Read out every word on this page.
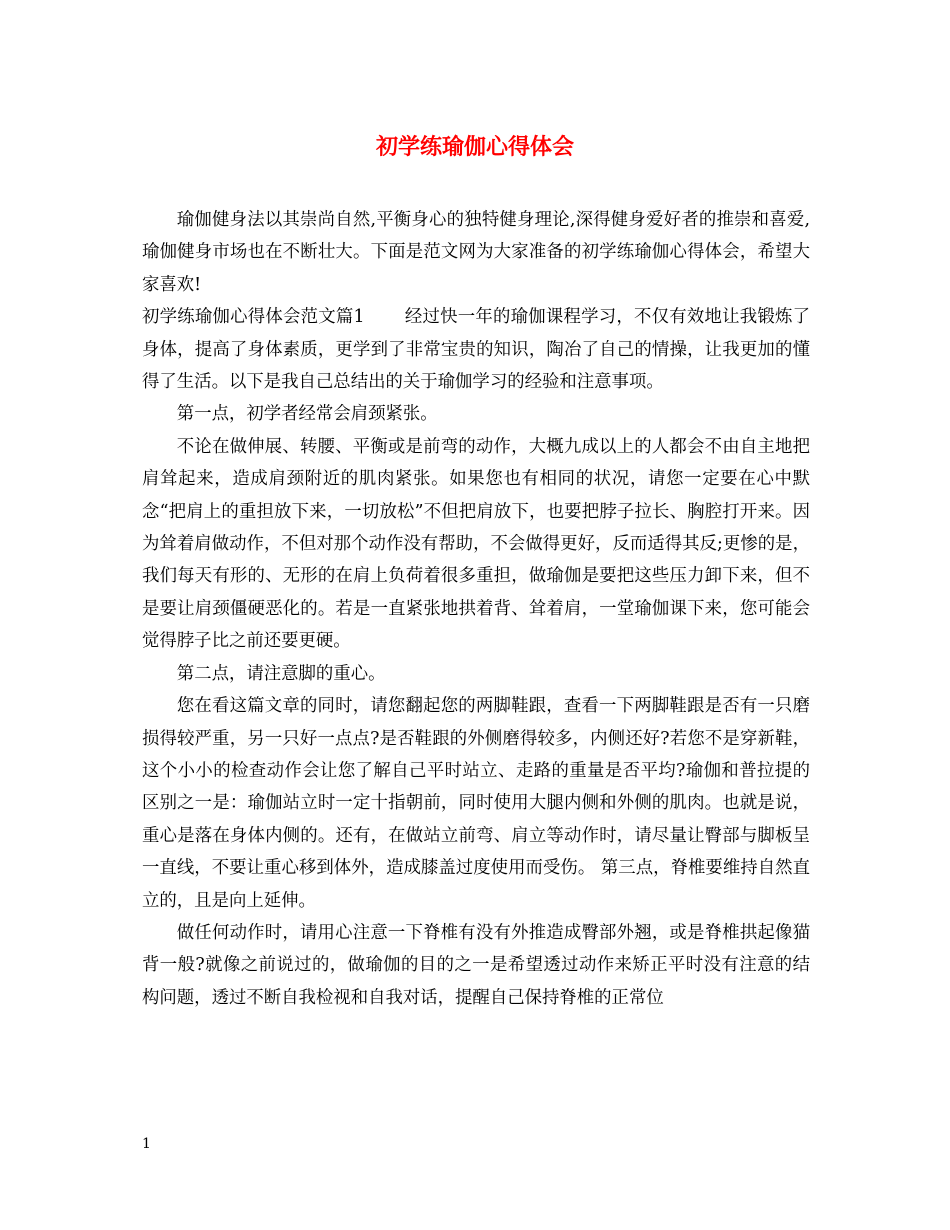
初学练瑜伽心得体会

瑜伽健身法以其崇尚自然,平衡身心的独特健身理论,深得健身爱好者的推崇和喜爱,瑜伽健身市场也在不断壮大。下面是范文网为大家准备的初学练瑜伽心得体会，希望大家喜欢!

初学练瑜伽心得体会范文篇1 经过快一年的瑜伽课程学习，不仅有效地让我锻炼了身体，提高了身体素质，更学到了非常宝贵的知识，陶冶了自己的情操，让我更加的懂得了生活。以下是我自己总结出的关于瑜伽学习的经验和注意事项。

第一点，初学者经常会肩颈紧张。

不论在做伸展、转腰、平衡或是前弯的动作，大概九成以上的人都会不由自主地把肩耸起来，造成肩颈附近的肌肉紧张。如果您也有相同的状况，请您一定要在心中默念“把肩上的重担放下来，一切放松”不但把肩放下，也要把脖子拉长、胸腔打开来。因为耸着肩做动作，不但对那个动作没有帮助，不会做得更好，反而适得其反;更惨的是，我们每天有形的、无形的在肩上负荷着很多重担，做瑜伽是要把这些压力卸下来，但不是要让肩颈僵硬恶化的。若是一直紧张地拱着背、耸着肩，一堂瑜伽课下来，您可能会觉得脖子比之前还要更硬。

第二点，请注意脚的重心。

您在看这篇文章的同时，请您翻起您的两脚鞋跟，查看一下两脚鞋跟是否有一只磨损得较严重，另一只好一点点?是否鞋跟的外侧磨得较多，内侧还好?若您不是穿新鞋，这个小小的检查动作会让您了解自己平时站立、走路的重量是否平均?瑜伽和普拉提的区别之一是：瑜伽站立时一定十指朝前，同时使用大腿内侧和外侧的肌肉。也就是说，重心是落在身体内侧的。还有，在做站立前弯、肩立等动作时，请尽量让臀部与脚板呈一直线，不要让重心移到体外，造成膝盖过度使用而受伤。 第三点，脊椎要维持自然直立的，且是向上延伸。

做任何动作时，请用心注意一下脊椎有没有外推造成臀部外翘，或是脊椎拱起像猫背一般?就像之前说过的，做瑜伽的目的之一是希望透过动作来矫正平时没有注意的结构问题，透过不断自我检视和自我对话，提醒自己保持脊椎的正常位

1
